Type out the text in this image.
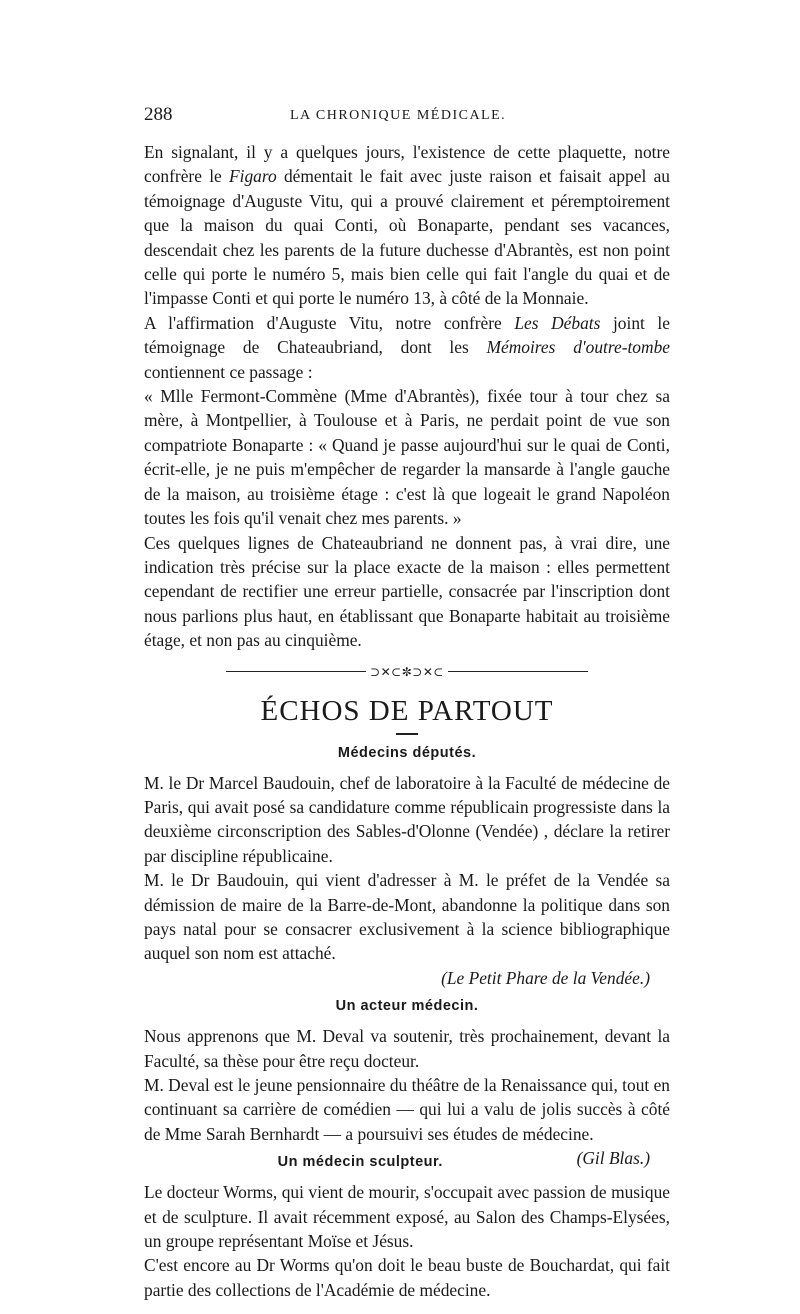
288	LA CHRONIQUE MÉDICALE.

En signalant, il y a quelques jours, l'existence de cette plaquette, notre confrère le Figaro démentait le fait avec juste raison et faisait appel au témoignage d'Auguste Vitu, qui a prouvé clairement et péremptoirement que la maison du quai Conti, où Bonaparte, pendant ses vacances, descendait chez les parents de la future duchesse d'Abrantès, est non point celle qui porte le numéro 5, mais bien celle qui fait l'angle du quai et de l'impasse Conti et qui porte le numéro 13, à côté de la Monnaie.

A l'affirmation d'Auguste Vitu, notre confrère Les Débats joint le témoignage de Chateaubriand, dont les Mémoires d'outre-tombe contiennent ce passage :

« Mlle Fermont-Commène (Mme d'Abrantès), fixée tour à tour chez sa mère, à Montpellier, à Toulouse et à Paris, ne perdait point de vue son compatriote Bonaparte : « Quand je passe aujourd'hui sur le quai de Conti, écrit-elle, je ne puis m'empêcher de regarder la mansarde à l'angle gauche de la maison, au troisième étage : c'est là que logeait le grand Napoléon toutes les fois qu'il venait chez mes parents. »

Ces quelques lignes de Chateaubriand ne donnent pas, à vrai dire, une indication très précise sur la place exacte de la maison : elles permettent cependant de rectifier une erreur partielle, consacrée par l'inscription dont nous parlions plus haut, en établissant que Bonaparte habitait au troisième étage, et non pas au cinquième.

⊃✕⊂✼⊃✕⊂
ÉCHOS DE PARTOUT
Médecins députés.

M. le Dr Marcel Baudouin, chef de laboratoire à la Faculté de médecine de Paris, qui avait posé sa candidature comme républicain progressiste dans la deuxième circonscription des Sables-d'Olonne (Vendée) , déclare la retirer par discipline républicaine.

M. le Dr Baudouin, qui vient d'adresser à M. le préfet de la Vendée sa démission de maire de la Barre-de-Mont, abandonne la politique dans son pays natal pour se consacrer exclusivement à la science bibliographique auquel son nom est attaché.

(Le Petit Phare de la Vendée.)

Un acteur médecin.

Nous apprenons que M. Deval va soutenir, très prochainement, devant la Faculté, sa thèse pour être reçu docteur.

M. Deval est le jeune pensionnaire du théâtre de la Renaissance qui, tout en continuant sa carrière de comédien — qui lui a valu de jolis succès à côté de Mme Sarah Bernhardt — a poursuivi ses études de médecine.
(Gil Blas.)

Un médecin sculpteur.

Le docteur Worms, qui vient de mourir, s'occupait avec passion de musique et de sculpture. Il avait récemment exposé, au Salon des Champs-Elysées, un groupe représentant Moïse et Jésus.

C'est encore au Dr Worms qu'on doit le beau buste de Bouchardat, qui fait partie des collections de l'Académie de médecine.
